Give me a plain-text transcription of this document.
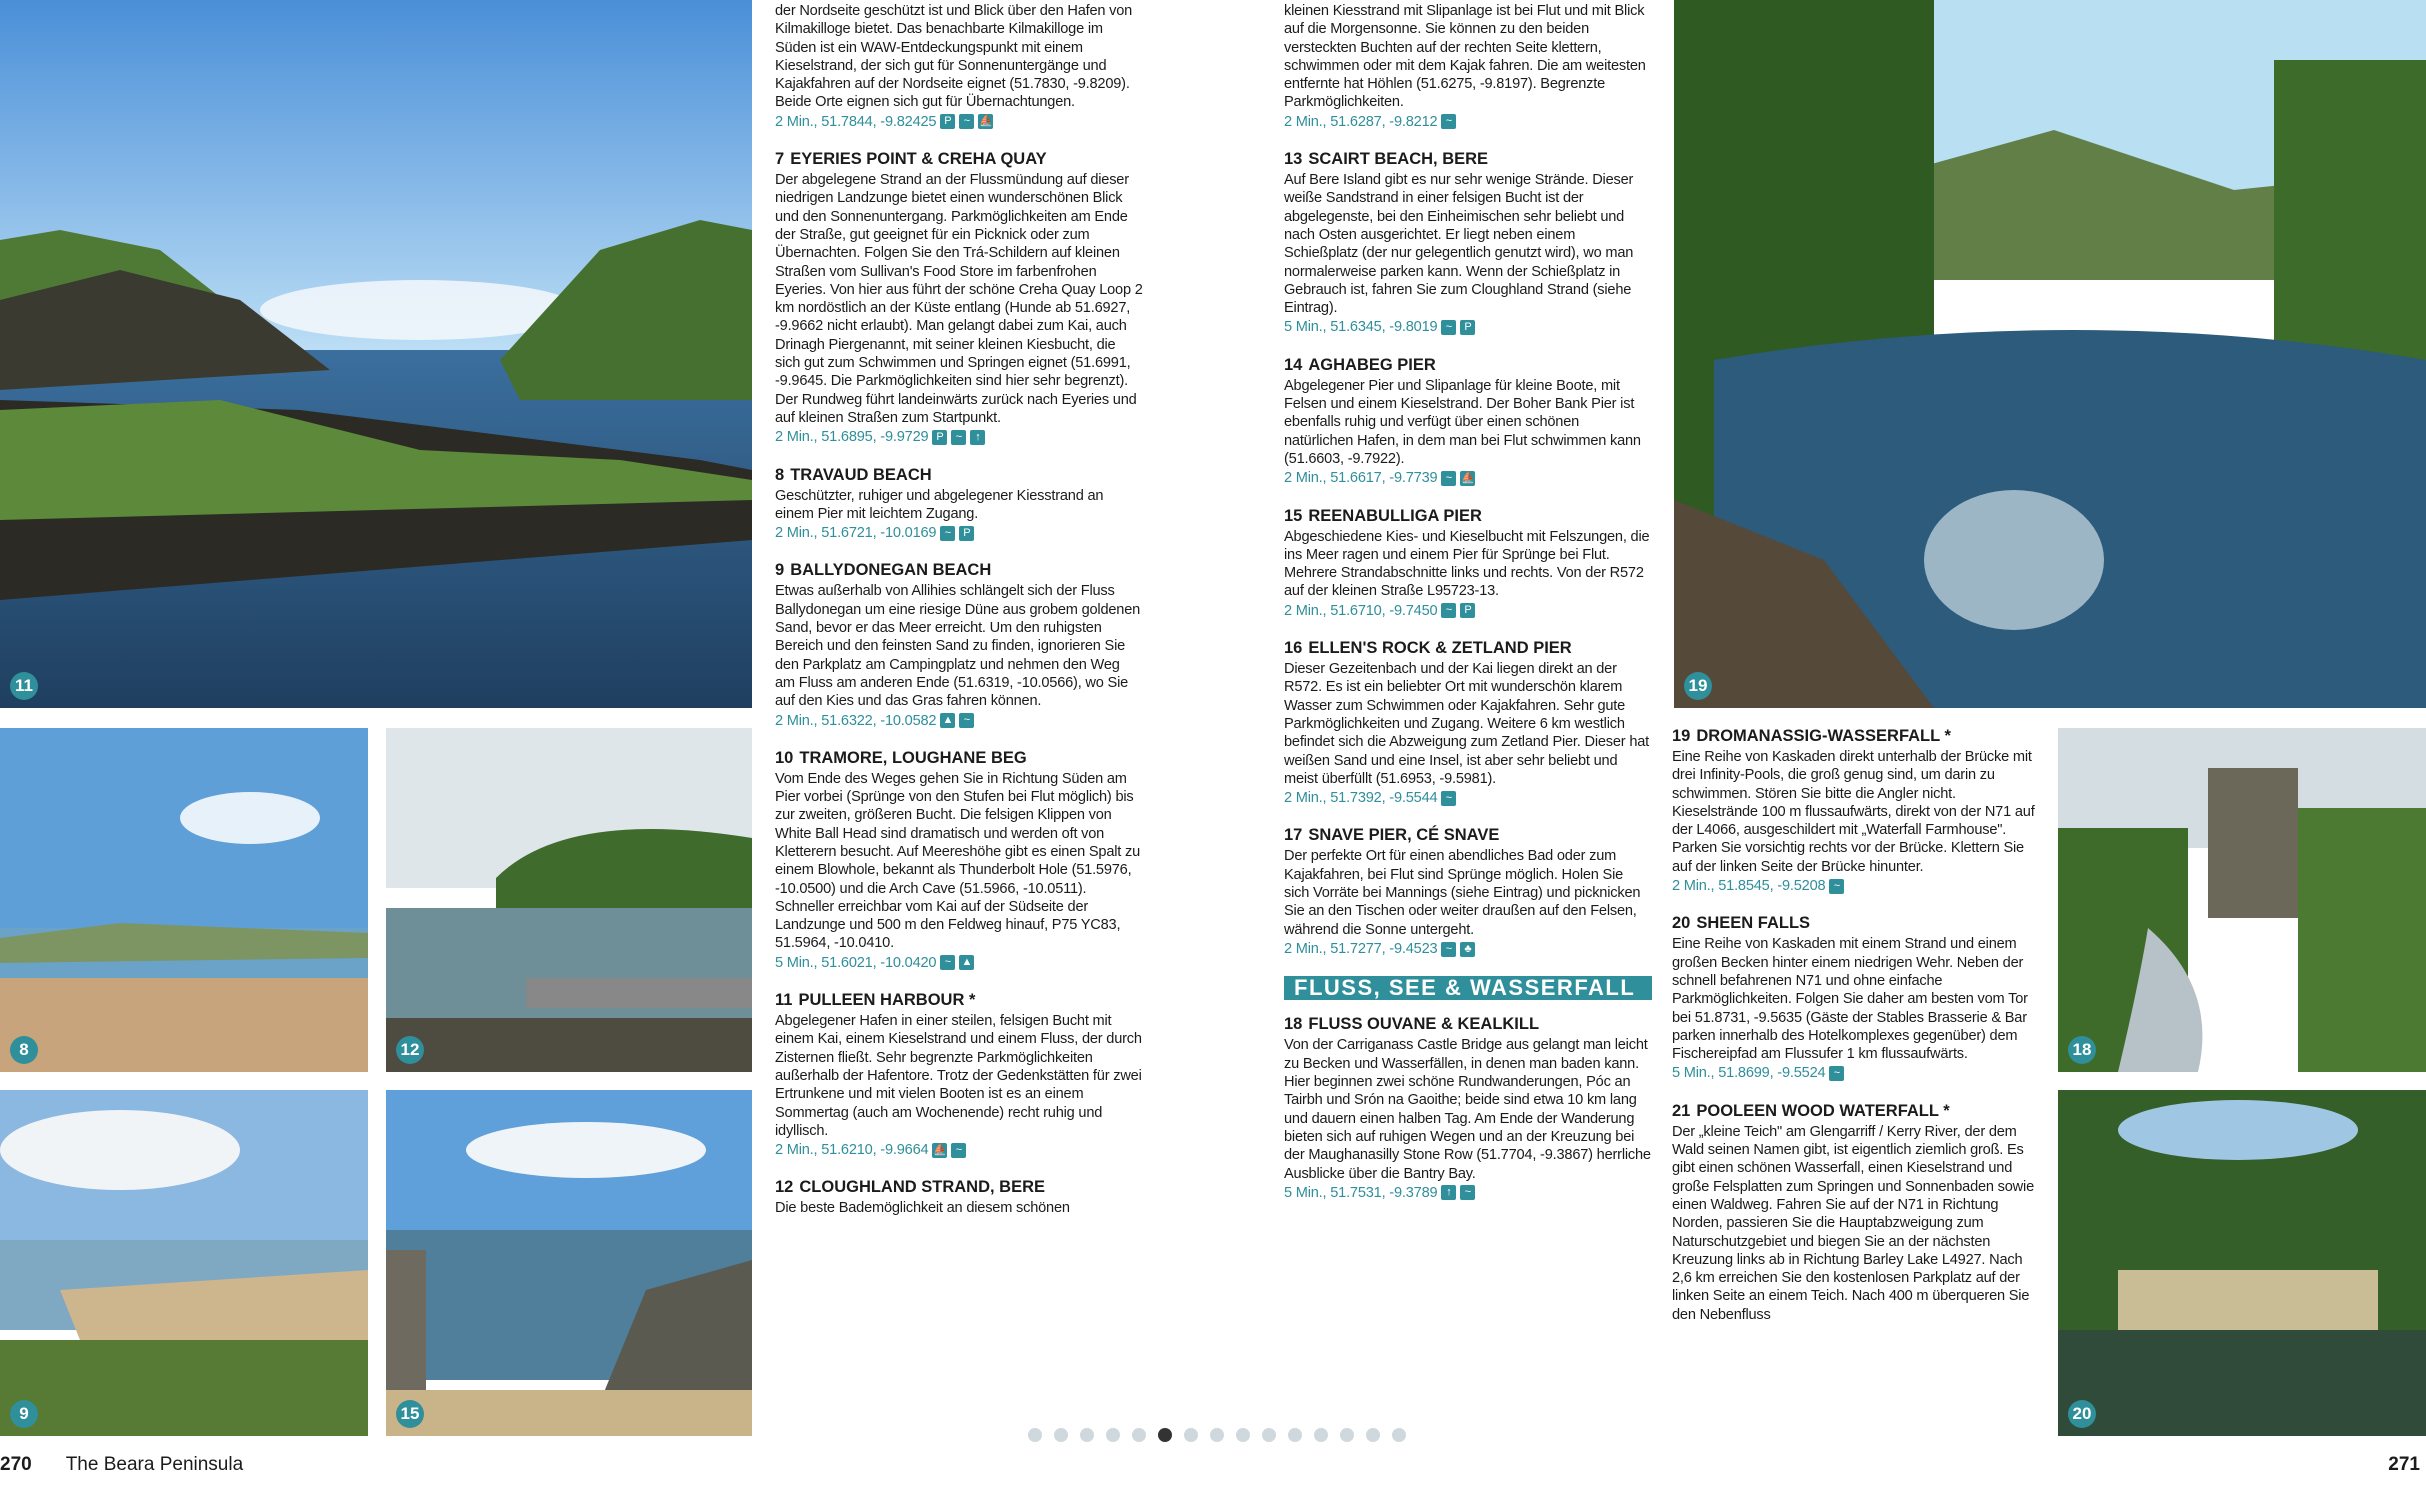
11
8	12
9	15
19
18
20

der Nordseite geschützt ist und Blick über den Hafen von Kilmakilloge bietet. Das benachbarte Kilmakilloge im Süden ist ein WAW-Entdeckungspunkt mit einem Kieselstrand, der sich gut für Sonnenuntergänge und Kajakfahren auf der Nordseite eignet (51.7830, -9.8209). Beide Orte eignen sich gut für Übernachtungen.

2 Min., 51.7844, -9.82425 P	~ ⛵
7 EYERIES POINT & CREHA QUAY

Der abgelegene Strand an der Flussmündung auf dieser niedrigen Landzunge bietet einen wunderschönen Blick und den Sonnenuntergang. Parkmöglichkeiten am Ende der Straße, gut geeignet für ein Picknick oder zum Übernachten. Folgen Sie den Trá-Schildern auf kleinen Straßen vom Sullivan's Food Store im farbenfrohen Eyeries. Von hier aus führt der schöne Creha Quay Loop 2 km nordöstlich an der Küste entlang (Hunde ab 51.6927, -9.9662 nicht erlaubt). Man gelangt dabei zum Kai, auch Drinagh Piergenannt, mit seiner kleinen Kiesbucht, die sich gut zum Schwimmen und Springen eignet (51.6991, -9.9645. Die Parkmöglichkeiten sind hier sehr begrenzt). Der Rundweg führt landeinwärts zurück nach Eyeries und auf kleinen Straßen zum Startpunkt.

2 Min., 51.6895, -9.9729 P	~	↑
8 TRAVAUD BEACH

Geschützter, ruhiger und abgelegener Kiesstrand an einem Pier mit leichtem Zugang.

2 Min., 51.6721, -10.0169 ~	P
9 BALLYDONEGAN BEACH

Etwas außerhalb von Allihies schlängelt sich der Fluss Ballydonegan um eine riesige Düne aus grobem goldenen Sand, bevor er das Meer erreicht. Um den ruhigsten Bereich und den feinsten Sand zu finden, ignorieren Sie den Parkplatz am Campingplatz und nehmen den Weg am Fluss am anderen Ende (51.6319, -10.0566), wo Sie auf den Kies und das Gras fahren können.

2 Min., 51.6322, -10.0582 ▲ ~
10 TRAMORE, LOUGHANE BEG

Vom Ende des Weges gehen Sie in Richtung Süden am Pier vorbei (Sprünge von den Stufen bei Flut möglich) bis zur zweiten, größeren Bucht. Die felsigen Klippen von White Ball Head sind dramatisch und werden oft von Kletterern besucht. Auf Meereshöhe gibt es einen Spalt zu einem Blowhole, bekannt als Thunderbolt Hole (51.5976, -10.0500) und die Arch Cave (51.5966, -10.0511). Schneller erreichbar vom Kai auf der Südseite der Landzunge und 500 m den Feldweg hinauf, P75 YC83, 51.5964, -10.0410.

5 Min., 51.6021, -10.0420 ~ ▲
11 PULLEEN HARBOUR *

Abgelegener Hafen in einer steilen, felsigen Bucht mit einem Kai, einem Kieselstrand und einem Fluss, der durch Zisternen fließt. Sehr begrenzte Parkmöglichkeiten außerhalb der Hafentore. Trotz der Gedenkstätten für zwei Ertrunkene und mit vielen Booten ist es an einem Sommertag (auch am Wochenende) recht ruhig und idyllisch.

2 Min., 51.6210, -9.9664 ⛵ ~
12 CLOUGHLAND STRAND, BERE

Die beste Bademöglichkeit an diesem schönen

kleinen Kiesstrand mit Slipanlage ist bei Flut und mit Blick auf die Morgensonne. Sie können zu den beiden versteckten Buchten auf der rechten Seite klettern, schwimmen oder mit dem Kajak fahren. Die am weitesten entfernte hat Höhlen (51.6275, -9.8197). Begrenzte Parkmöglichkeiten.

2 Min., 51.6287, -9.8212 ~
13 SCAIRT BEACH, BERE

Auf Bere Island gibt es nur sehr wenige Strände. Dieser weiße Sandstrand in einer felsigen Bucht ist der abgelegenste, bei den Einheimischen sehr beliebt und nach Osten ausgerichtet. Er liegt neben einem Schießplatz (der nur gelegentlich genutzt wird), wo man normalerweise parken kann. Wenn der Schießplatz in Gebrauch ist, fahren Sie zum Cloughland Strand (siehe Eintrag).

5 Min., 51.6345, -9.8019 ~	P
14 AGHABEG PIER

Abgelegener Pier und Slipanlage für kleine Boote, mit Felsen und einem Kieselstrand. Der Boher Bank Pier ist ebenfalls ruhig und verfügt über einen schönen natürlichen Hafen, in dem man bei Flut schwimmen kann (51.6603, -9.7922).

2 Min., 51.6617, -9.7739 ~ ⛵
15 REENABULLIGA PIER

Abgeschiedene Kies- und Kieselbucht mit Felszungen, die ins Meer ragen und einem Pier für Sprünge bei Flut. Mehrere Strandabschnitte links und rechts. Von der R572 auf der kleinen Straße L95723-13.

2 Min., 51.6710, -9.7450 ~	P
16 ELLEN'S ROCK & ZETLAND PIER

Dieser Gezeitenbach und der Kai liegen direkt an der R572. Es ist ein beliebter Ort mit wunderschön klarem Wasser zum Schwimmen oder Kajakfahren. Sehr gute Parkmöglichkeiten und Zugang. Weitere 6 km westlich befindet sich die Abzweigung zum Zetland Pier. Dieser hat weißen Sand und eine Insel, ist aber sehr beliebt und meist überfüllt (51.6953, -9.5981).

2 Min., 51.7392, -9.5544 ~
17 SNAVE PIER, CÉ SNAVE

Der perfekte Ort für einen abendliches Bad oder zum Kajakfahren, bei Flut sind Sprünge möglich. Holen Sie sich Vorräte bei Mannings (siehe Eintrag) und picknicken Sie an den Tischen oder weiter draußen auf den Felsen, während die Sonne untergeht.

2 Min., 51.7277, -9.4523 ~	♣
FLUSS, SEE & WASSERFALL
18 FLUSS OUVANE & KEALKILL

Von der Carriganass Castle Bridge aus gelangt man leicht zu Becken und Wasserfällen, in denen man baden kann. Hier beginnen zwei schöne Rundwanderungen, Póc an Tairbh und Srón na Gaoithe; beide sind etwa 10 km lang und dauern einen halben Tag. Am Ende der Wanderung bieten sich auf ruhigen Wegen und an der Kreuzung bei der Maughanasilly Stone Row (51.7704, -9.3867) herrliche Ausblicke über die Bantry Bay.

5 Min., 51.7531, -9.3789 ↑	~
19 DROMANASSIG-WASSERFALL *

Eine Reihe von Kaskaden direkt unterhalb der Brücke mit drei Infinity-Pools, die groß genug sind, um darin zu schwimmen. Stören Sie bitte die Angler nicht. Kieselstrände 100 m flussaufwärts, direkt von der N71 auf der L4066, ausgeschildert mit „Waterfall Farmhouse". Parken Sie vorsichtig rechts vor der Brücke. Klettern Sie auf der linken Seite der Brücke hinunter.

2 Min., 51.8545, -9.5208 ~
20 SHEEN FALLS

Eine Reihe von Kaskaden mit einem Strand und einem großen Becken hinter einem niedrigen Wehr. Neben der schnell befahrenen N71 und ohne einfache Parkmöglichkeiten. Folgen Sie daher am besten vom Tor bei 51.8731, -9.5635 (Gäste der Stables Brasserie & Bar parken innerhalb des Hotelkomplexes gegenüber) dem Fischereipfad am Flussufer 1 km flussaufwärts.

5 Min., 51.8699, -9.5524 ~
21 POOLEEN WOOD WATERFALL *

Der „kleine Teich" am Glengarriff / Kerry River, der dem Wald seinen Namen gibt, ist eigentlich ziemlich groß. Es gibt einen schönen Wasserfall, einen Kieselstrand und große Felsplatten zum Springen und Sonnenbaden sowie einen Waldweg. Fahren Sie auf der N71 in Richtung Norden, passieren Sie die Hauptabzweigung zum Naturschutzgebiet und biegen Sie an der nächsten Kreuzung links ab in Richtung Barley Lake L4927. Nach 2,6 km erreichen Sie den kostenlosen Parkplatz auf der linken Seite an einem Teich. Nach 400 m überqueren Sie den Nebenfluss

270 The Beara Peninsula	271
